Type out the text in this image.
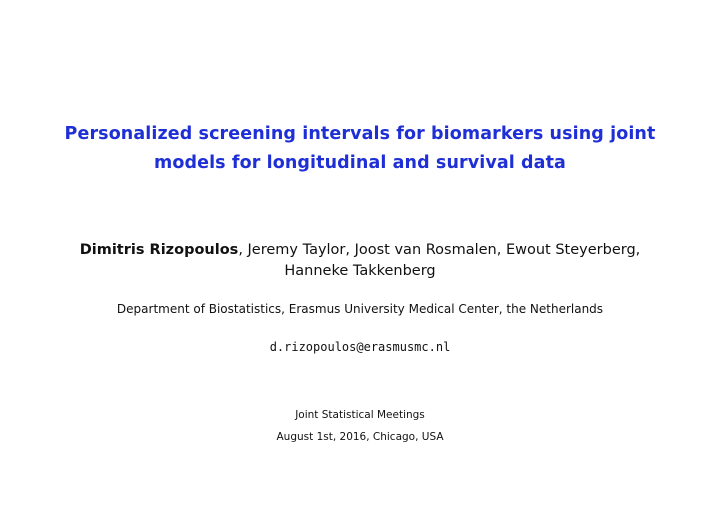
Personalized screening intervals for biomarkers using joint
models for longitudinal and survival data
Dimitris Rizopoulos, Jeremy Taylor, Joost van Rosmalen, Ewout Steyerberg,
Hanneke Takkenberg
Department of Biostatistics, Erasmus University Medical Center, the Netherlands
d.rizopoulos@erasmusmc.nl
Joint Statistical Meetings
August 1st, 2016, Chicago, USA
